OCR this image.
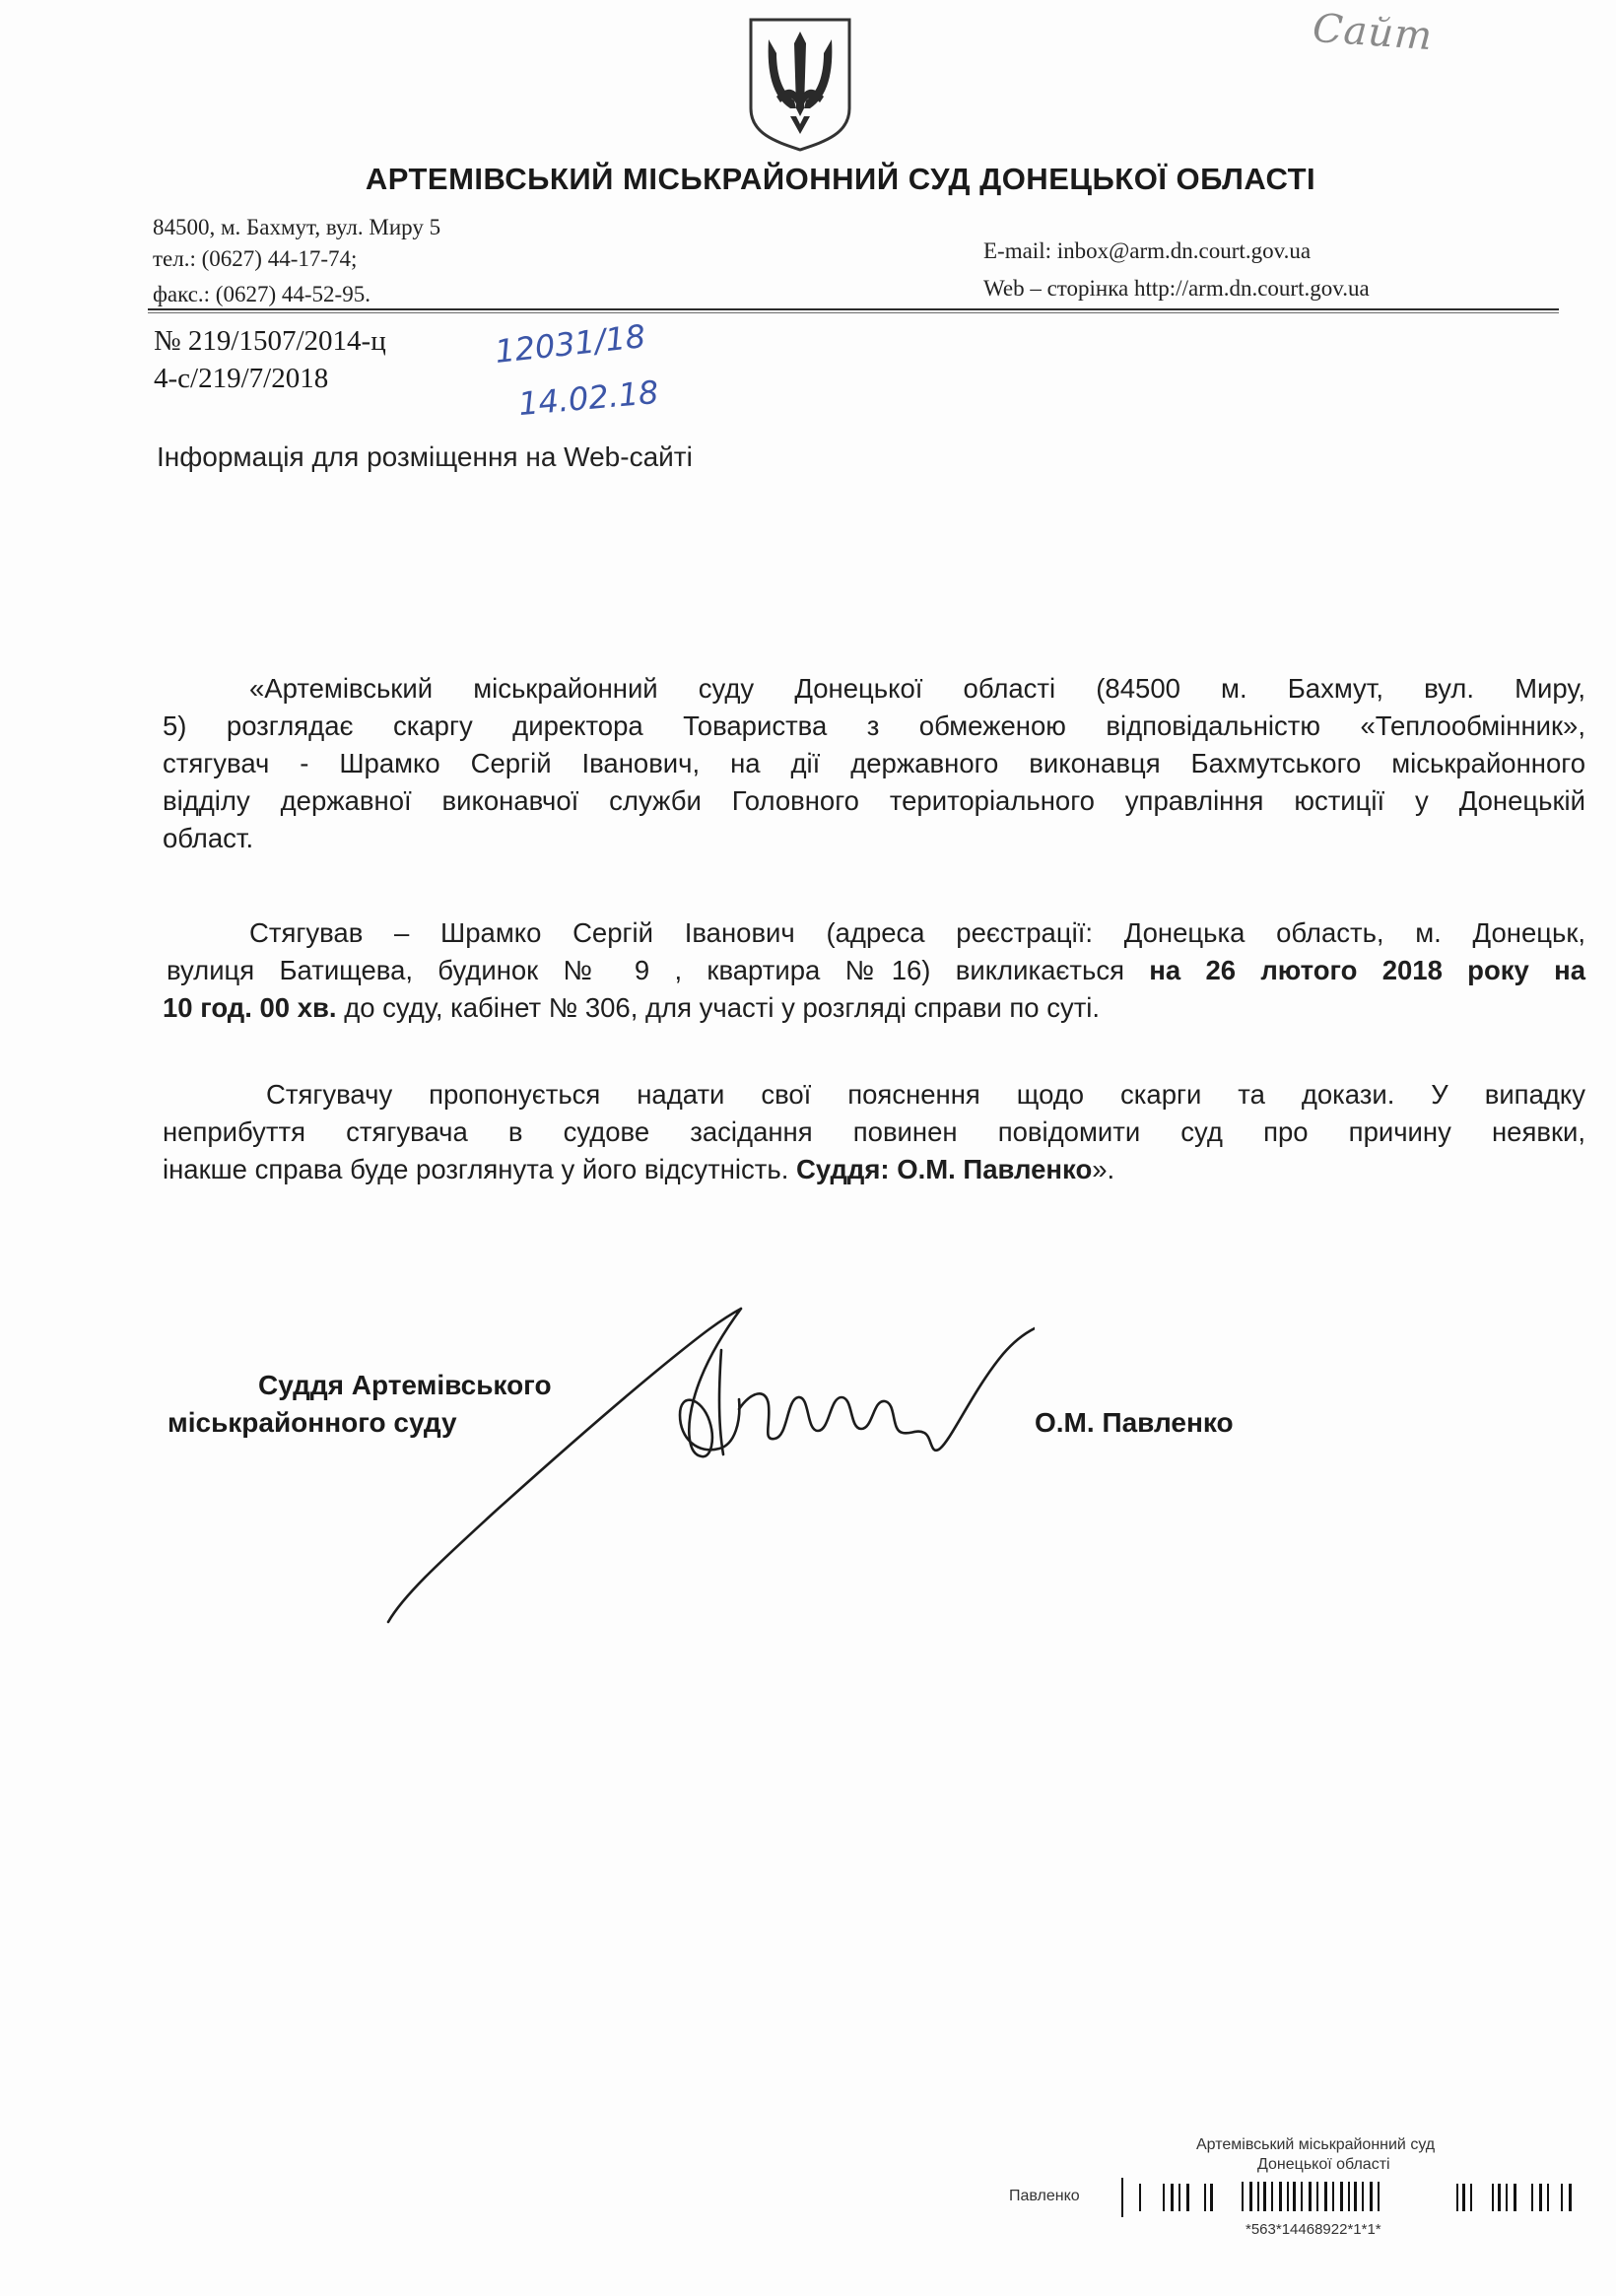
Сайт
АРТЕМІВСЬКИЙ МІСЬКРАЙОННИЙ СУД ДОНЕЦЬКОЇ ОБЛАСТІ
84500, м. Бахмут, вул. Миру 5
тел.: (0627) 44-17-74;
факс.: (0627) 44-52-95.
E-mail: inbox@arm.dn.court.gov.ua
Web – сторінка http://arm.dn.court.gov.ua
№ 219/1507/2014-ц
4-с/219/7/2018
12031/18
14.02.18
Інформація для розміщення на Web-сайті
«Артемівський міськрайонний суду Донецької області (84500 м. Бахмут, вул. Миру,
5) розглядає скаргу директора Товариства з обмеженою відповідальністю «Теплообмінник»,
стягувач - Шрамко Сергій Іванович, на дії державного виконавця Бахмутського міськрайонного
відділу державної виконавчої служби Головного територіального управління юстиції у Донецькій
област.
Стягував – Шрамко Сергій Іванович (адреса реєстрації: Донецька область, м. Донецьк,
вулиця Батищева, будинок № 9 , квартира №16) викликається на 26 лютого 2018 року на
10 год. 00 хв. до суду, кабінет № 306, для участі у розгляді справи по суті.
Стягувачу пропонується надати свої пояснення щодо скарги та докази. У випадку
неприбуття стягувача в судове засідання повинен повідомити суд про причину неявки,
інакше справа буде розглянута у його відсутність. Суддя: О.М. Павленко».
Суддя Артемівського
міськрайонного суду	О.М. Павленко
Артемівський міськрайонний суд
Донецької області
Павленко
*563*14468922*1*1*
